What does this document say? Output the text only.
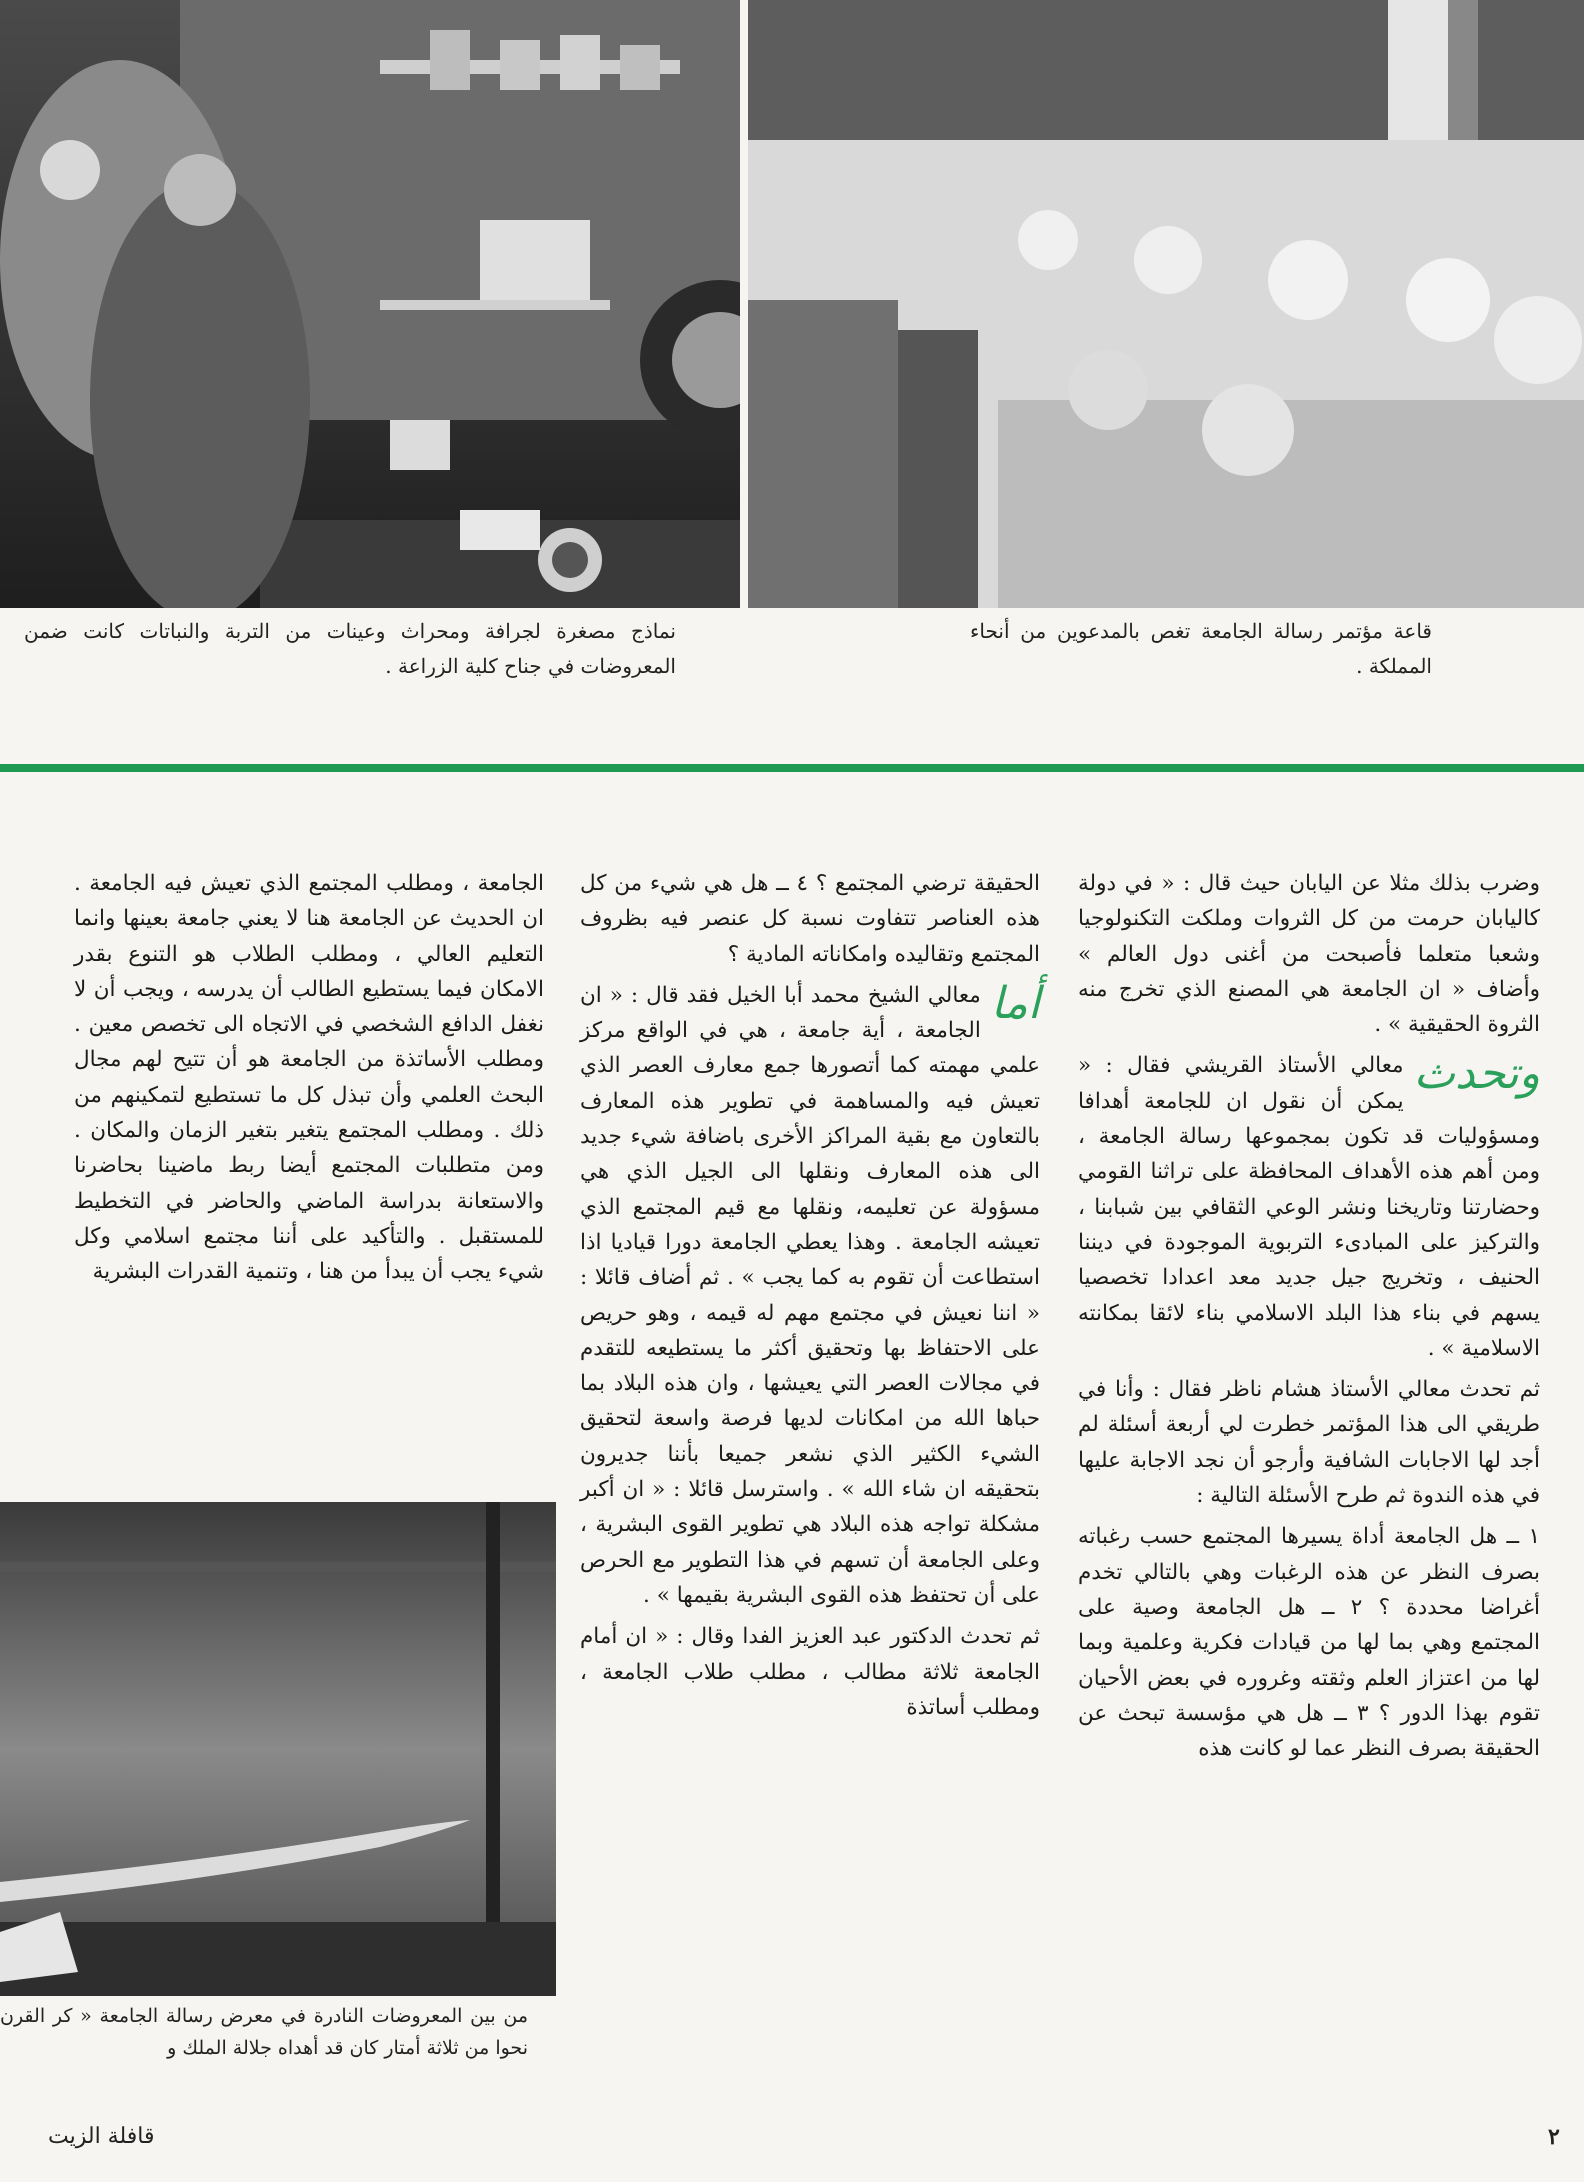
نماذج مصغرة لجرافة ومحراث وعينات من التربة والنباتات كانت ضمن المعروضات في جناح كلية الزراعة .
قاعة مؤتمر رسالة الجامعة تغص بالمدعوين من أنحاء المملكة .

وضرب بذلك مثلا عن اليابان حيث قال : « في دولة كاليابان حرمت من كل الثروات وملكت التكنولوجيا وشعبا متعلما فأصبحت من أغنى دول العالم » وأضاف « ان الجامعة هي المصنع الذي تخرج منه الثروة الحقيقية » .

وتحدث
معالي الأستاذ القريشي فقال : « يمكن أن نقول ان للجامعة أهدافا ومسؤوليات قد تكون بمجموعها رسالة الجامعة ، ومن أهم هذه الأهداف المحافظة على تراثنا القومي وحضارتنا وتاريخنا ونشر الوعي الثقافي بين شبابنا ، والتركيز على المبادىء التربوية الموجودة في ديننا الحنيف ، وتخريج جيل جديد معد اعدادا تخصصيا يسهم في بناء هذا البلد الاسلامي بناء لائقا بمكانته الاسلامية » .

ثم تحدث معالي الأستاذ هشام ناظر فقال : وأنا في طريقي الى هذا المؤتمر خطرت لي أربعة أسئلة لم أجد لها الاجابات الشافية وأرجو أن نجد الاجابة عليها في هذه الندوة ثم طرح الأسئلة التالية :

١ ــ هل الجامعة أداة يسيرها المجتمع حسب رغباته بصرف النظر عن هذه الرغبات وهي بالتالي تخدم أغراضا محددة ؟ ٢ ــ هل الجامعة وصية على المجتمع وهي بما لها من قيادات فكرية وعلمية وبما لها من اعتزاز العلم وثقته وغروره في بعض الأحيان تقوم بهذا الدور ؟ ٣ ــ هل هي مؤسسة تبحث عن الحقيقة بصرف النظر عما لو كانت هذه

الحقيقة ترضي المجتمع ؟ ٤ ــ هل هي شيء من كل هذه العناصر تتفاوت نسبة كل عنصر فيه بظروف المجتمع وتقاليده وامكاناته المادية ؟

أما
معالي الشيخ محمد أبا الخيل فقد قال : « ان الجامعة ، أية جامعة ، هي في الواقع مركز علمي مهمته كما أتصورها جمع معارف العصر الذي تعيش فيه والمساهمة في تطوير هذه المعارف بالتعاون مع بقية المراكز الأخرى باضافة شيء جديد الى هذه المعارف ونقلها الى الجيل الذي هي مسؤولة عن تعليمه، ونقلها مع قيم المجتمع الذي تعيشه الجامعة . وهذا يعطي الجامعة دورا قياديا اذا استطاعت أن تقوم به كما يجب » . ثم أضاف قائلا : « اننا نعيش في مجتمع مهم له قيمه ، وهو حريص على الاحتفاظ بها وتحقيق أكثر ما يستطيعه للتقدم في مجالات العصر التي يعيشها ، وان هذه البلاد بما حباها الله من امكانات لديها فرصة واسعة لتحقيق الشيء الكثير الذي نشعر جميعا بأننا جديرون بتحقيقه ان شاء الله » . واسترسل قائلا : « ان أكبر مشكلة تواجه هذه البلاد هي تطوير القوى البشرية ، وعلى الجامعة أن تسهم في هذا التطوير مع الحرص على أن تحتفظ هذه القوى البشرية بقيمها » .

ثم تحدث الدكتور عبد العزيز الفدا وقال : « ان أمام الجامعة ثلاثة مطالب ، مطلب طلاب الجامعة ، ومطلب أساتذة

الجامعة ، ومطلب المجتمع الذي تعيش فيه الجامعة . ان الحديث عن الجامعة هنا لا يعني جامعة بعينها وانما التعليم العالي ، ومطلب الطلاب هو التنوع بقدر الامكان فيما يستطيع الطالب أن يدرسه ، ويجب أن لا نغفل الدافع الشخصي في الاتجاه الى تخصص معين . ومطلب الأساتذة من الجامعة هو أن تتيح لهم مجال البحث العلمي وأن تبذل كل ما تستطيع لتمكينهم من ذلك . ومطلب المجتمع يتغير بتغير الزمان والمكان . ومن متطلبات المجتمع أيضا ربط ماضينا بحاضرنا والاستعانة بدراسة الماضي والحاضر في التخطيط للمستقبل . والتأكيد على أننا مجتمع اسلامي وكل شيء يجب أن يبدأ من هنا ، وتنمية القدرات البشرية

من بين المعروضات النادرة في معرض رسالة الجامعة « كر القرن نحوا من ثلاثة أمتار كان قد أهداه جلالة الملك و
قافلة الزيت	٢
